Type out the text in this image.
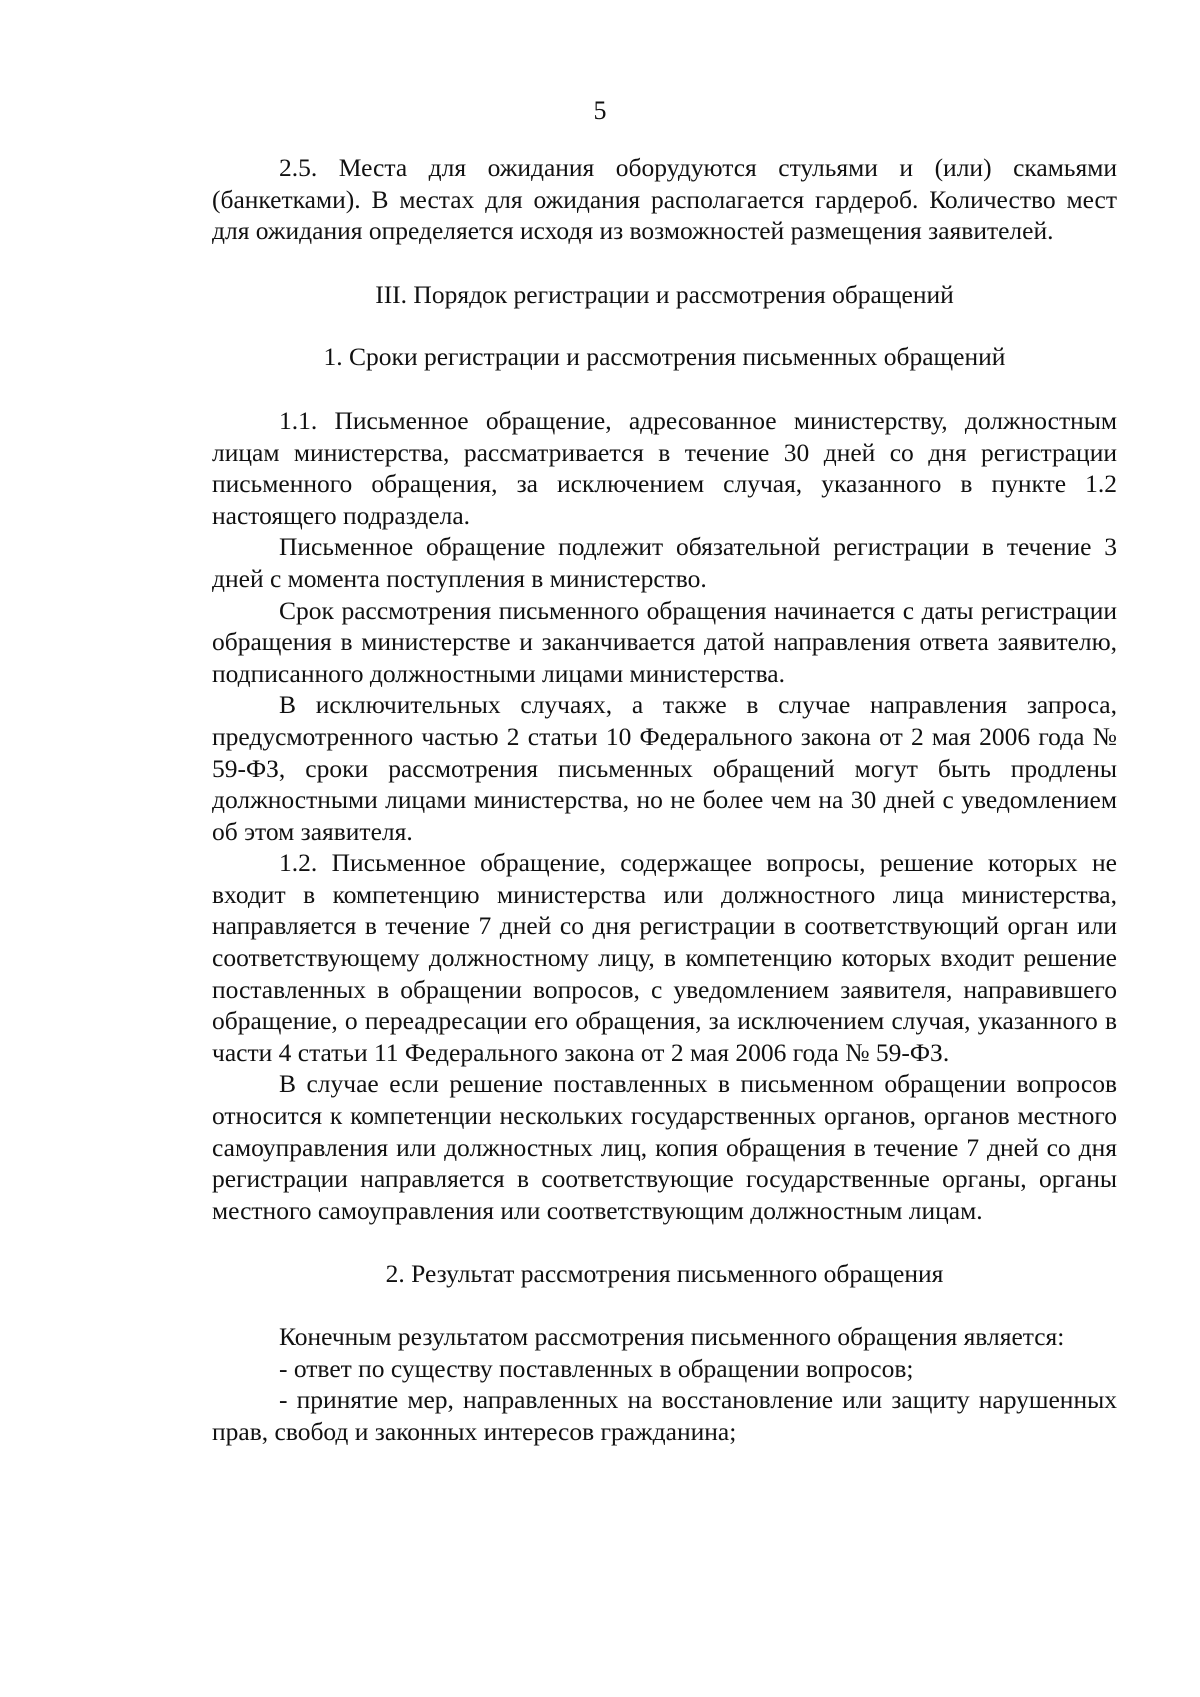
5

2.5. Места для ожидания оборудуются стульями и (или) скамьями (банкетками). В местах для ожидания располагается гардероб. Количество мест для ожидания определяется исходя из возможностей размещения заявителей.

III. Порядок регистрации и рассмотрения обращений
1. Сроки регистрации и рассмотрения письменных обращений

1.1. Письменное обращение, адресованное министерству, должностным лицам министерства, рассматривается в течение 30 дней со дня регистрации письменного обращения, за исключением случая, указанного в пункте 1.2 настоящего подраздела.

Письменное обращение подлежит обязательной регистрации в течение 3 дней с момента поступления в министерство.

Срок рассмотрения письменного обращения начинается с даты регистрации обращения в министерстве и заканчивается датой направления ответа заявителю, подписанного должностными лицами министерства.

В исключительных случаях, а также в случае направления запроса, предусмотренного частью 2 статьи 10 Федерального закона от 2 мая 2006 года № 59-ФЗ, сроки рассмотрения письменных обращений могут быть продлены должностными лицами министерства, но не более чем на 30 дней с уведомлением об этом заявителя.

1.2. Письменное обращение, содержащее вопросы, решение которых не входит в компетенцию министерства или должностного лица министерства, направляется в течение 7 дней со дня регистрации в соответствующий орган или соответствующему должностному лицу, в компетенцию которых входит решение поставленных в обращении вопросов, с уведомлением заявителя, направившего обращение, о переадресации его обращения, за исключением случая, указанного в части 4 статьи 11 Федерального закона от 2 мая 2006 года № 59-ФЗ.

В случае если решение поставленных в письменном обращении вопросов относится к компетенции нескольких государственных органов, органов местного самоуправления или должностных лиц, копия обращения в течение 7 дней со дня регистрации направляется в соответствующие государственные органы, органы местного самоуправления или соответствующим должностным лицам.

2. Результат рассмотрения письменного обращения

Конечным результатом рассмотрения письменного обращения является:

- ответ по существу поставленных в обращении вопросов;

- принятие мер, направленных на восстановление или защиту нарушенных прав, свобод и законных интересов гражданина;
